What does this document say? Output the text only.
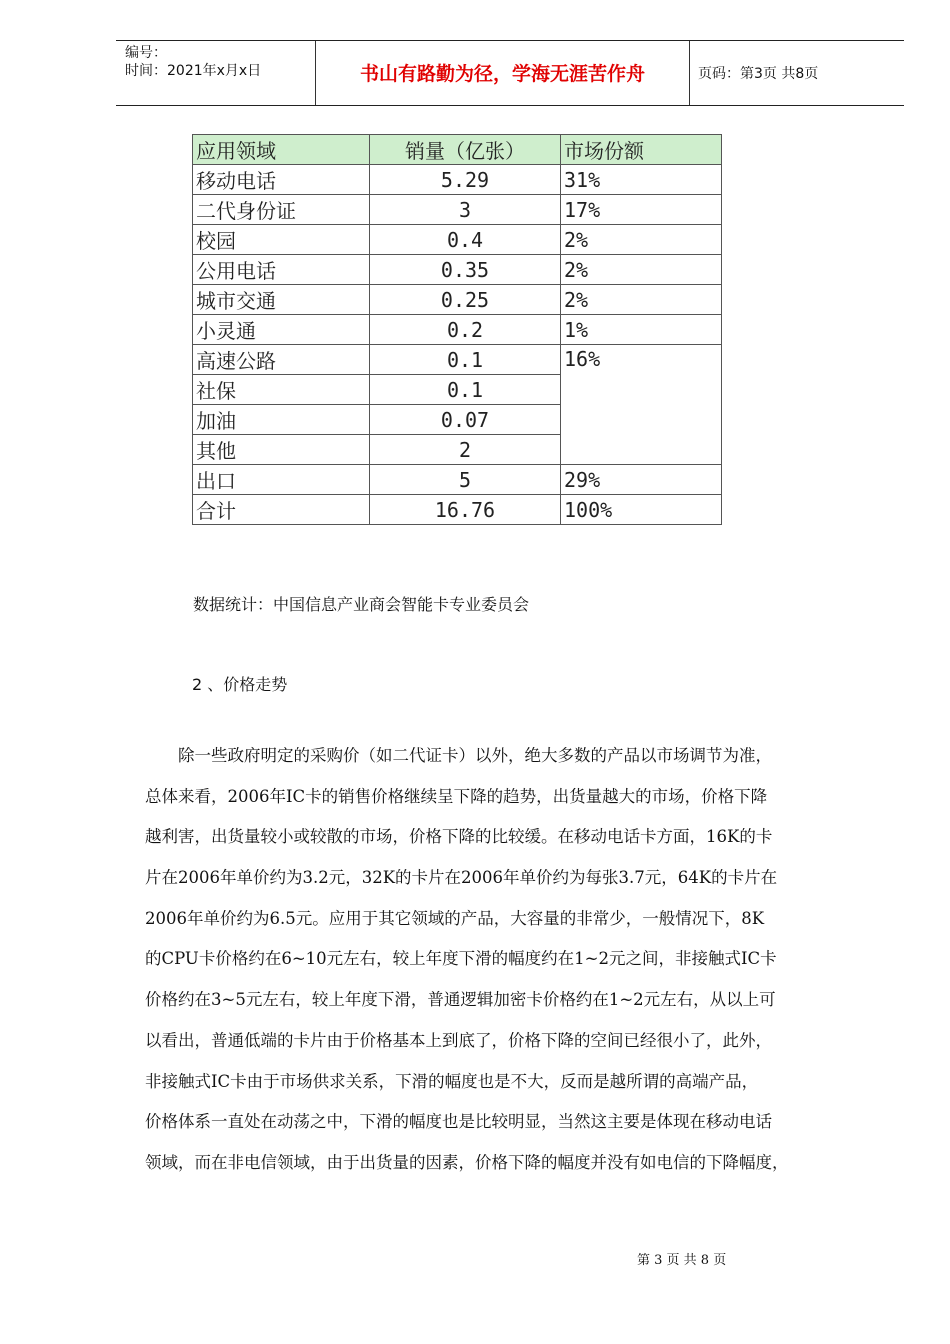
编号：
时间：2021年x月x日	书山有路勤为径，学海无涯苦作舟	页码：第3页 共8页
应用领域	销量（亿张）	市场份额
移动电话	5.29	31%
二代身份证	3	17%
校园	0.4	2%
公用电话	0.35	2%
城市交通	0.25	2%
小灵通	0.2	1%
高速公路	0.1	16%
社保	0.1	
加油	0.07	
其他	2	
出口	5	29%
合计	16.76	100%
数据统计：中国信息产业商会智能卡专业委员会
2 、价格走势
　　除一些政府明定的采购价（如二代证卡）以外，绝大多数的产品以市场调节为准，
总体来看，2006年IC卡的销售价格继续呈下降的趋势，出货量越大的市场，价格下降
越利害，出货量较小或较散的市场，价格下降的比较缓。在移动电话卡方面，16K的卡
片在2006年单价约为3.2元，32K的卡片在2006年单价约为每张3.7元，64K的卡片在
2006年单价约为6.5元。应用于其它领域的产品，大容量的非常少，一般情况下，8K
的CPU卡价格约在6~10元左右，较上年度下滑的幅度约在1~2元之间，非接触式IC卡
价格约在3~5元左右，较上年度下滑，普通逻辑加密卡价格约在1~2元左右，从以上可
以看出，普通低端的卡片由于价格基本上到底了，价格下降的空间已经很小了，此外，
非接触式IC卡由于市场供求关系，下滑的幅度也是不大，反而是越所谓的高端产品，
价格体系一直处在动荡之中，下滑的幅度也是比较明显，当然这主要是体现在移动电话
领域，而在非电信领域，由于出货量的因素，价格下降的幅度并没有如电信的下降幅度，
第 3 页 共 8 页
